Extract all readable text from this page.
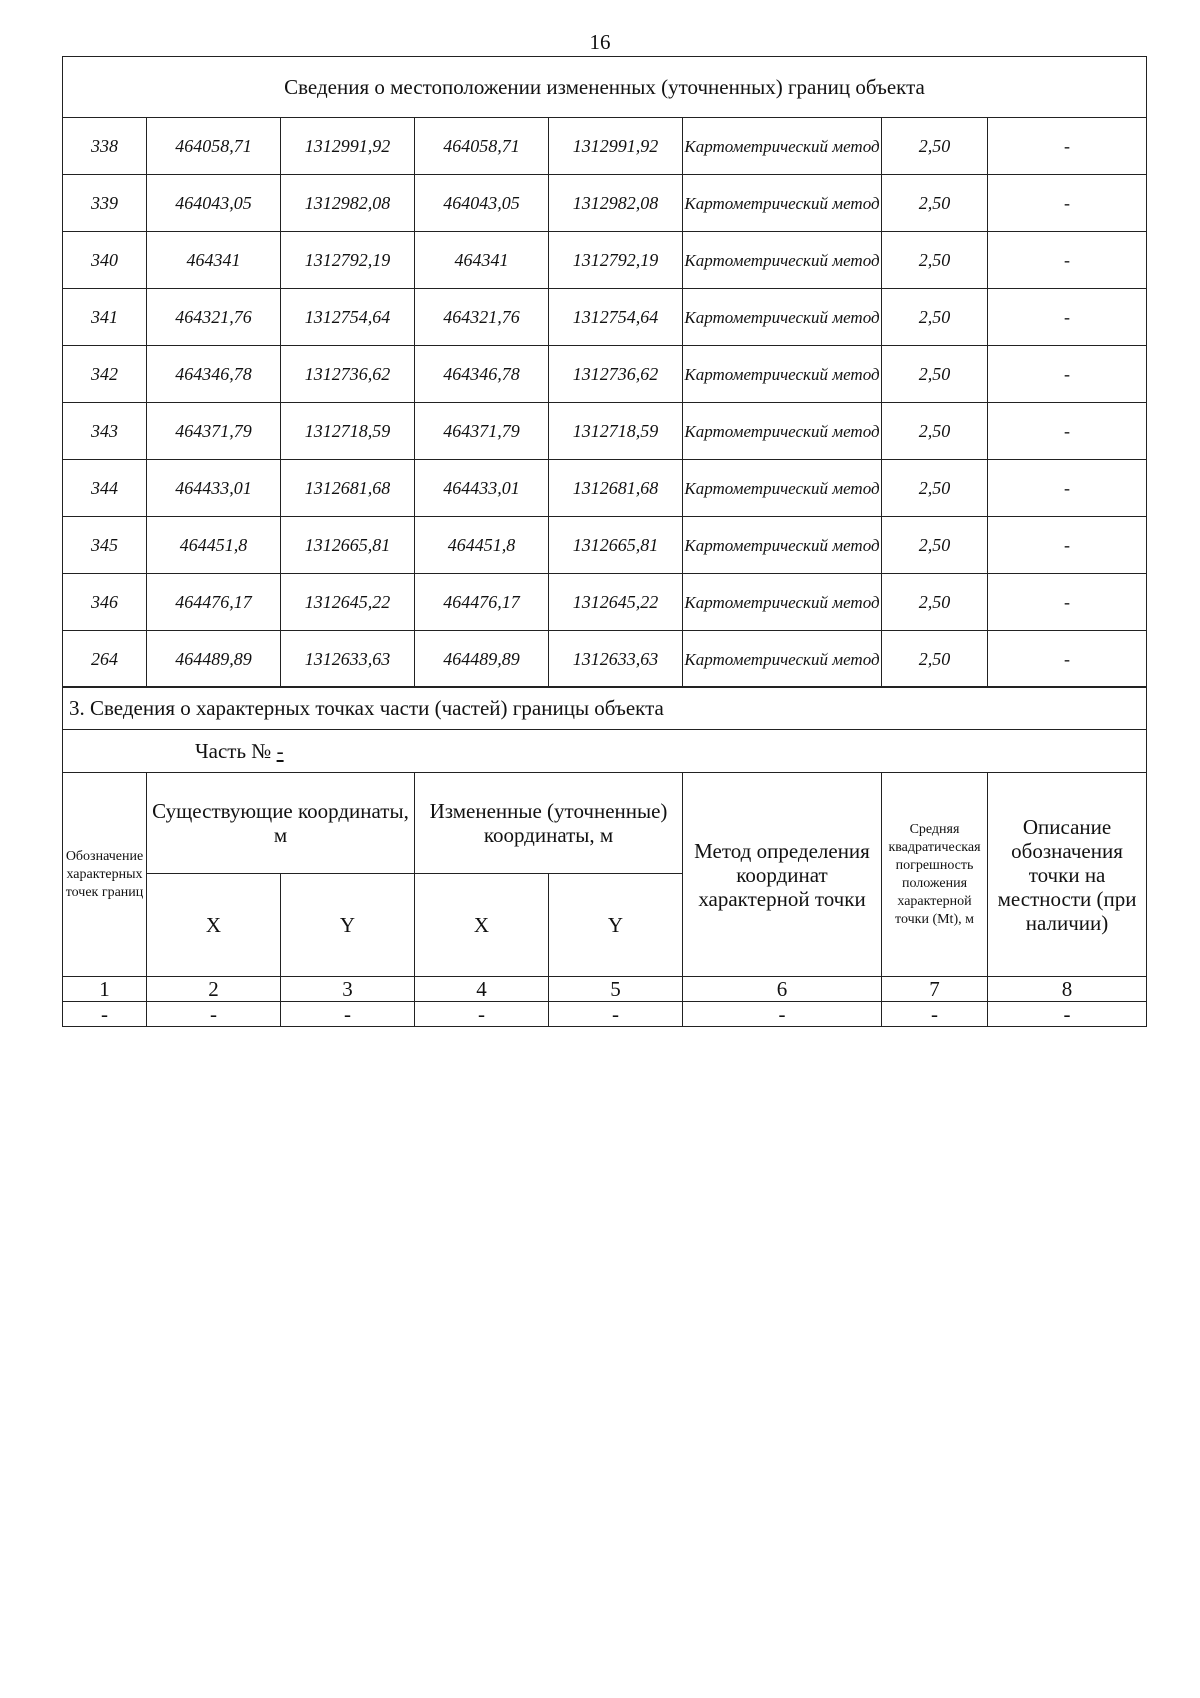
16
Сведения о местоположении измененных (уточненных) границ объекта							
338	464058,71	1312991,92	464058,71	1312991,92	Картометрический метод	2,50	-
339	464043,05	1312982,08	464043,05	1312982,08	Картометрический метод	2,50	-
340	464341	1312792,19	464341	1312792,19	Картометрический метод	2,50	-
341	464321,76	1312754,64	464321,76	1312754,64	Картометрический метод	2,50	-
342	464346,78	1312736,62	464346,78	1312736,62	Картометрический метод	2,50	-
343	464371,79	1312718,59	464371,79	1312718,59	Картометрический метод	2,50	-
344	464433,01	1312681,68	464433,01	1312681,68	Картометрический метод	2,50	-
345	464451,8	1312665,81	464451,8	1312665,81	Картометрический метод	2,50	-
346	464476,17	1312645,22	464476,17	1312645,22	Картометрический метод	2,50	-
264	464489,89	1312633,63	464489,89	1312633,63	Картометрический метод	2,50	-
3. Сведения о характерных точках части (частей) границы объекта							
Часть № -							
Обозначение характерных точек границ	Существующие координаты, м		Измененные (уточненные) координаты, м		Метод определения координат характерной точки	Средняя квадратическая погрешность положения характерной точки (Mt), м	Описание обозначения точки на местности (при наличии)
	X	Y	X	Y			
1	2	3	4	5	6	7	8
-	-	-	-	-	-	-	-
